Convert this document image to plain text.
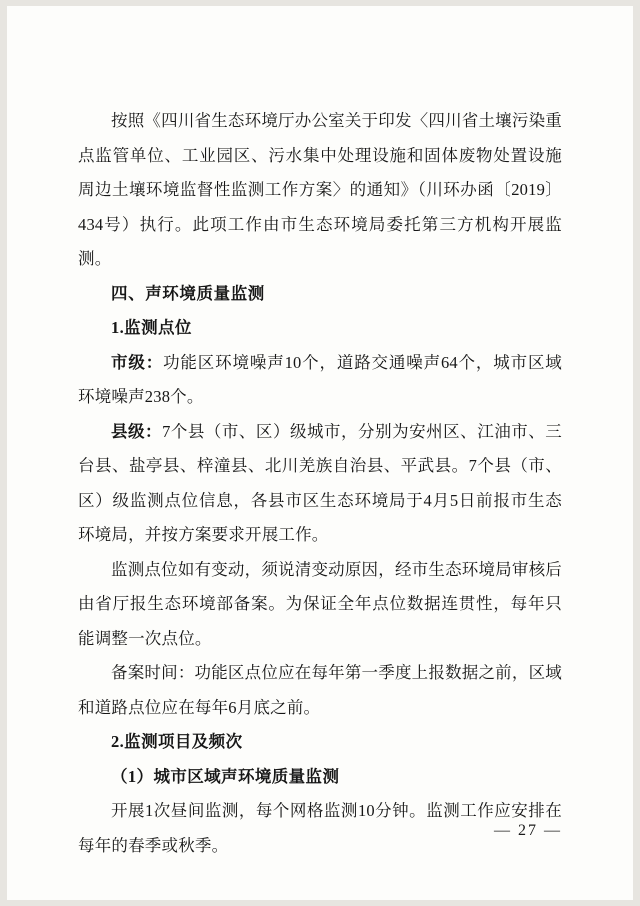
按照《四川省生态环境厅办公室关于印发〈四川省土壤污染重点监管单位、工业园区、污水集中处理设施和固体废物处置设施周边土壤环境监督性监测工作方案〉的通知》（川环办函〔2019〕434号）执行。此项工作由市生态环境局委托第三方机构开展监测。

四、声环境质量监测

1.监测点位

市级：功能区环境噪声10个，道路交通噪声64个，城市区域环境噪声238个。

县级：7个县（市、区）级城市，分别为安州区、江油市、三台县、盐亭县、梓潼县、北川羌族自治县、平武县。7个县（市、区）级监测点位信息，各县市区生态环境局于4月5日前报市生态环境局，并按方案要求开展工作。

监测点位如有变动，须说清变动原因，经市生态环境局审核后由省厅报生态环境部备案。为保证全年点位数据连贯性，每年只能调整一次点位。

备案时间：功能区点位应在每年第一季度上报数据之前，区域和道路点位应在每年6月底之前。

2.监测项目及频次

（1）城市区域声环境质量监测

开展1次昼间监测，每个网格监测10分钟。监测工作应安排在每年的春季或秋季。

— 27 —
